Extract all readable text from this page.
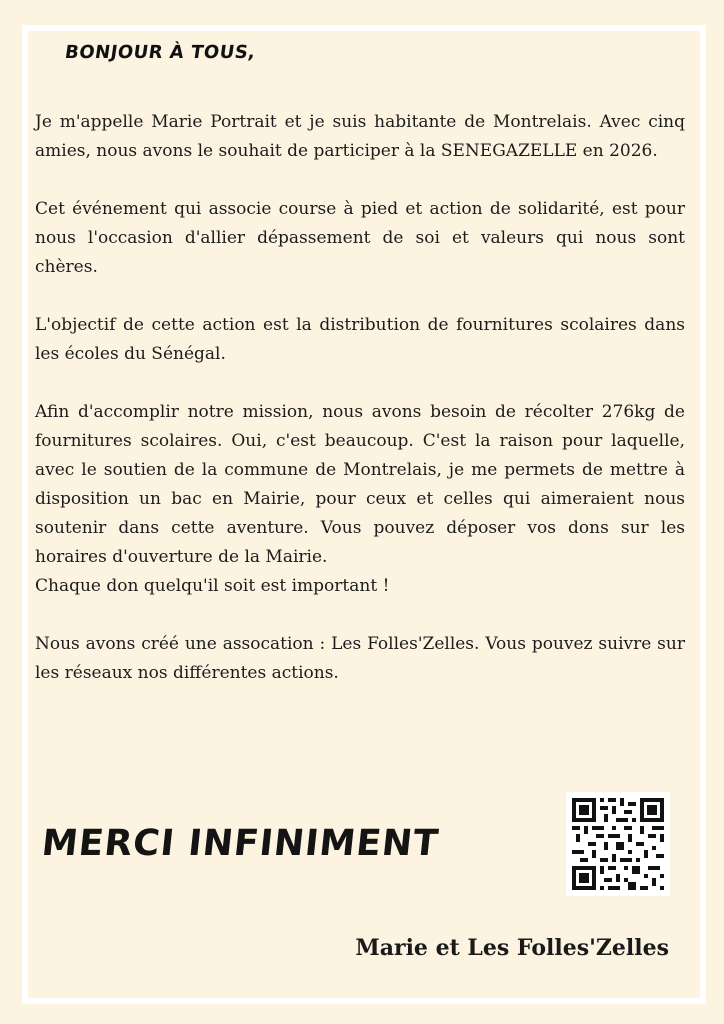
BONJOUR À TOUS,

Je m'appelle Marie Portrait et je suis habitante de Montrelais. Avec cinq amies, nous avons le souhait de participer à la SENEGAZELLE en 2026.

Cet événement qui associe course à pied et action de solidarité, est pour nous l'occasion d'allier dépassement de soi et valeurs qui nous sont chères.

L'objectif de cette action est la distribution de fournitures scolaires dans les écoles du Sénégal.

Afin d'accomplir notre mission, nous avons besoin de récolter 276kg de fournitures scolaires. Oui, c'est beaucoup. C'est la raison pour laquelle, avec le soutien de la commune de Montrelais, je me permets de mettre à disposition un bac en Mairie, pour ceux et celles qui aimeraient nous soutenir dans cette aventure. Vous pouvez déposer vos dons sur les horaires d'ouverture de la Mairie.

Chaque don quelqu'il soit est important !

Nous avons créé une assocation : Les Folles'Zelles. Vous pouvez suivre sur les réseaux nos différentes actions.

MERCI INFINIMENT
Marie et Les Folles'Zelles
